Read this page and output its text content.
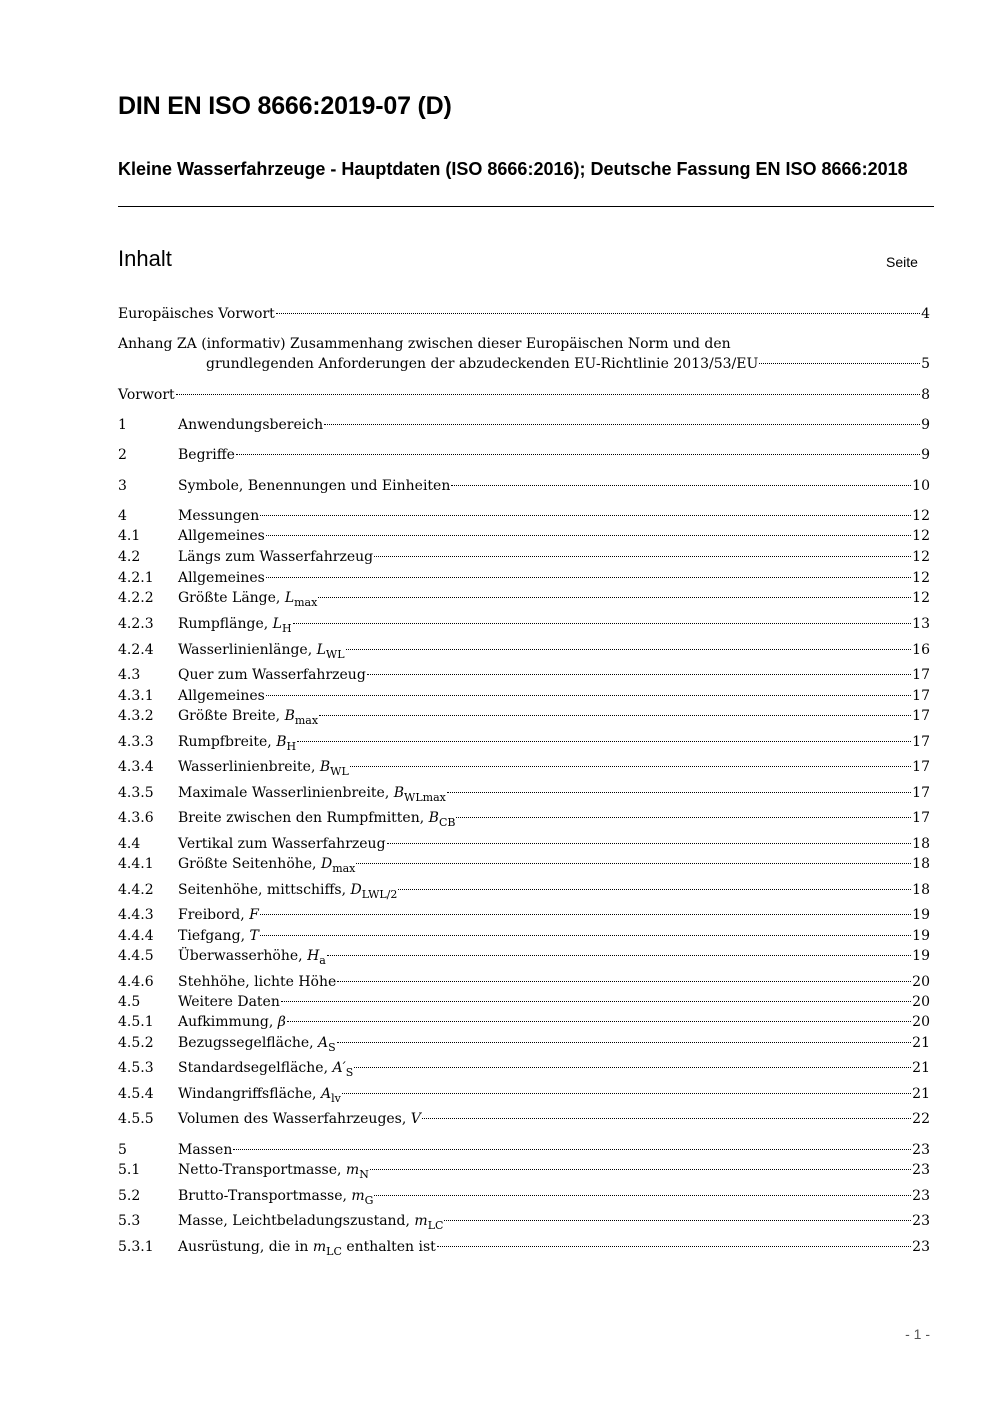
DIN EN ISO 8666:2019-07 (D)
Kleine Wasserfahrzeuge - Hauptdaten (ISO 8666:2016); Deutsche Fassung EN ISO 8666:2018
Inhalt	Seite
Europäisches Vorwort	4
Anhang ZA (informativ) Zusammenhang zwischen dieser Europäischen Norm und den
grundlegenden Anforderungen der abzudeckenden EU-Richtlinie 2013/53/EU	5
Vorwort	8
1	Anwendungsbereich	9
2	Begriffe	9
3	Symbole, Benennungen und Einheiten	10
4	Messungen	12
4.1	Allgemeines	12
4.2	Längs zum Wasserfahrzeug	12
4.2.1	Allgemeines	12
4.2.2	Größte Länge, $L_{max}$	12
4.2.3	Rumpflänge, $L_H$	13
4.2.4	Wasserlinienlänge, $L_{WL}$	16
4.3	Quer zum Wasserfahrzeug	17
4.3.1	Allgemeines	17
4.3.2	Größte Breite, $B_{max}$	17
4.3.3	Rumpfbreite, $B_H$	17
4.3.4	Wasserlinienbreite, $B_{WL}$	17
4.3.5	Maximale Wasserlinienbreite, $B_{WLmax}$	17
4.3.6	Breite zwischen den Rumpfmitten, $B_{CB}$	17
4.4	Vertikal zum Wasserfahrzeug	18
4.4.1	Größte Seitenhöhe, $D_{max}$	18
4.4.2	Seitenhöhe, mittschiffs, $D_{LWL/2}$	18
4.4.3	Freibord, F	19
4.4.4	Tiefgang, T	19
4.4.5	Überwasserhöhe, $H_a$	19
4.4.6	Stehhöhe, lichte Höhe	20
4.5	Weitere Daten	20
4.5.1	Aufkimmung, β	20
4.5.2	Bezugssegelfläche, $A_S$	21
4.5.3	Standardsegelfläche, $A'_S$	21
4.5.4	Windangriffsfläche, $A_{lv}$	21
4.5.5	Volumen des Wasserfahrzeuges, V	22
5	Massen	23
5.1	Netto-Transportmasse, $m_N$	23
5.2	Brutto-Transportmasse, $m_G$	23
5.3	Masse, Leichtbeladungszustand, $m_{LC}$	23
5.3.1	Ausrüstung, die in $m_{LC}$ enthalten ist	23
- 1 -
